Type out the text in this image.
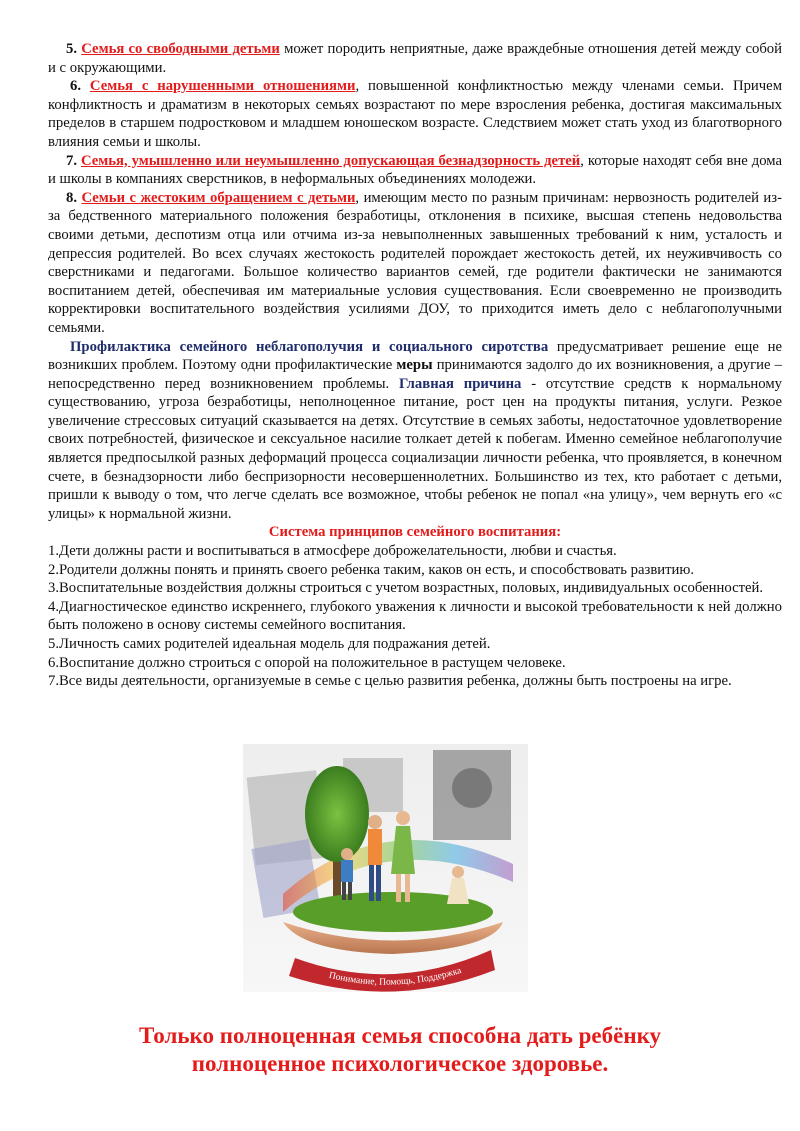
5. Семья со свободными детьми может породить неприятные, даже враждебные отношения детей между собой и с окружающими.

6. Семья с нарушенными отношениями, повышенной конфликтностью между членами семьи. Причем конфликтность и драматизм в некоторых семьях возрастают по мере взросления ребенка, достигая максимальных пределов в старшем подростковом и младшем юношеском возрасте. Следствием может стать уход из благотворного влияния семьи и школы.

7. Семья, умышленно или неумышленно допускающая безнадзорность детей, которые находят себя вне дома и школы в компаниях сверстников, в неформальных объединениях молодежи.

8. Семьи с жестоким обращением с детьми, имеющим место по разным причинам: нервозность родителей из-за бедственного материального положения безработицы, отклонения в психике, высшая степень недовольства своими детьми, деспотизм отца или отчима из-за невыполненных завышенных требований к ним, усталость и депрессия родителей. Во всех случаях жестокость родителей порождает жестокость детей, их неуживчивость со сверстниками и педагогами. Большое количество вариантов семей, где родители фактически не занимаются воспитанием детей, обеспечивая им материальные условия существования. Если своевременно не производить корректировки воспитательного воздействия усилиями ДОУ, то приходится иметь дело с неблагополучными семьями.

Профилактика семейного неблагополучия и социального сиротства предусматривает решение еще не возникших проблем. Поэтому одни профилактические меры принимаются задолго до их возникновения, а другие – непосредственно перед возникновением проблемы. Главная причина - отсутствие средств к нормальному существованию, угроза безработицы, неполноценное питание, рост цен на продукты питания, услуги. Резкое увеличение стрессовых ситуаций сказывается на детях. Отсутствие в семьях заботы, недостаточное удовлетворение своих потребностей, физическое и сексуальное насилие толкает детей к побегам. Именно семейное неблагополучие является предпосылкой разных деформаций процесса социализации личности ребенка, что проявляется, в конечном счете, в безнадзорности либо беспризорности несовершеннолетних. Большинство из тех, кто работает с детьми, пришли к выводу о том, что легче сделать все возможное, чтобы ребенок не попал «на улицу», чем вернуть его «с улицы» к нормальной жизни.

Система принципов семейного воспитания:

1.Дети должны расти и воспитываться в атмосфере доброжелательности, любви и счастья.

2.Родители должны понять и принять своего ребенка таким, каков он есть, и способствовать развитию.

3.Воспитательные воздействия должны строиться с учетом возрастных, половых, индивидуальных особенностей.

4.Диагностическое единство искреннего, глубокого уважения к личности и высокой требовательности к ней должно быть положено в основу системы семейного воспитания.

5.Личность самих родителей идеальная модель для подражания детей.

6.Воспитание должно строиться с опорой на положительное в растущем человеке.

7.Все виды деятельности, организуемые в семье с целью развития ребенка, должны быть построены на игре.

Понимание, Помощь, Поддержка
Только полноценная семья способна дать ребёнку
полноценное психологическое здоровье.
